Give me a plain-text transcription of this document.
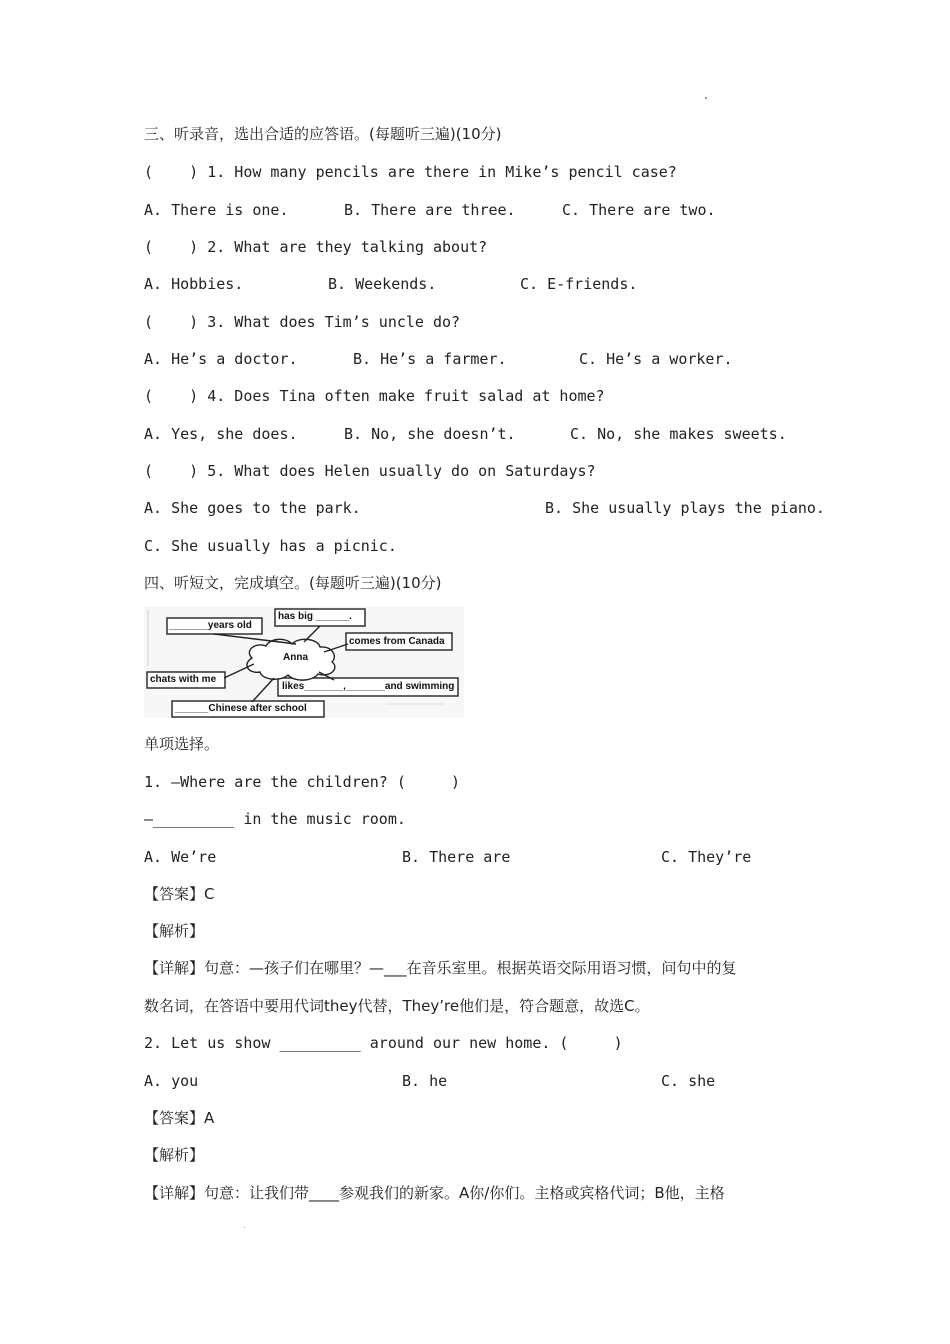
三、听录音，选出合适的应答语。(每题听三遍)(10分)
(    ) 1. How many pencils are there in Mike’s pencil case?
A. There is one.	B. There are three.	C. There are two.
(    ) 2. What are they talking about?
A. Hobbies.	B. Weekends.	C. E-friends.
(    ) 3. What does Tim’s uncle do?
A. He’s a doctor.	B. He’s a farmer.	C. He’s a worker.
(    ) 4. Does Tina often make fruit salad at home?
A. Yes, she does.	B. No, she doesn’t.	C. No, she makes sweets.
(    ) 5. What does Helen usually do on Saturdays?
A. She goes to the park.	B. She usually plays the piano.
C. She usually has a picnic.
四、听短文，完成填空。(每题听三遍)(10分)
_______years old
has big ______.
comes from Canada
Anna
chats with me
likes_______,_______and swimming
______Chinese after school
单项选择。
1. —Where are the children? (     )
—_________ in the music room.
A. We’re	B. There are	C. They’re
【答案】C
【解析】
【详解】句意：—孩子们在哪里？—___在音乐室里。根据英语交际用语习惯，问句中的复
数名词，在答语中要用代词they代替，They’re他们是，符合题意，故选C。
2. Let us show _________ around our new home. (     )
A. you	B. he	C. she
【答案】A
【解析】
【详解】句意：让我们带____参观我们的新家。A你/你们。主格或宾格代词；B他，主格
